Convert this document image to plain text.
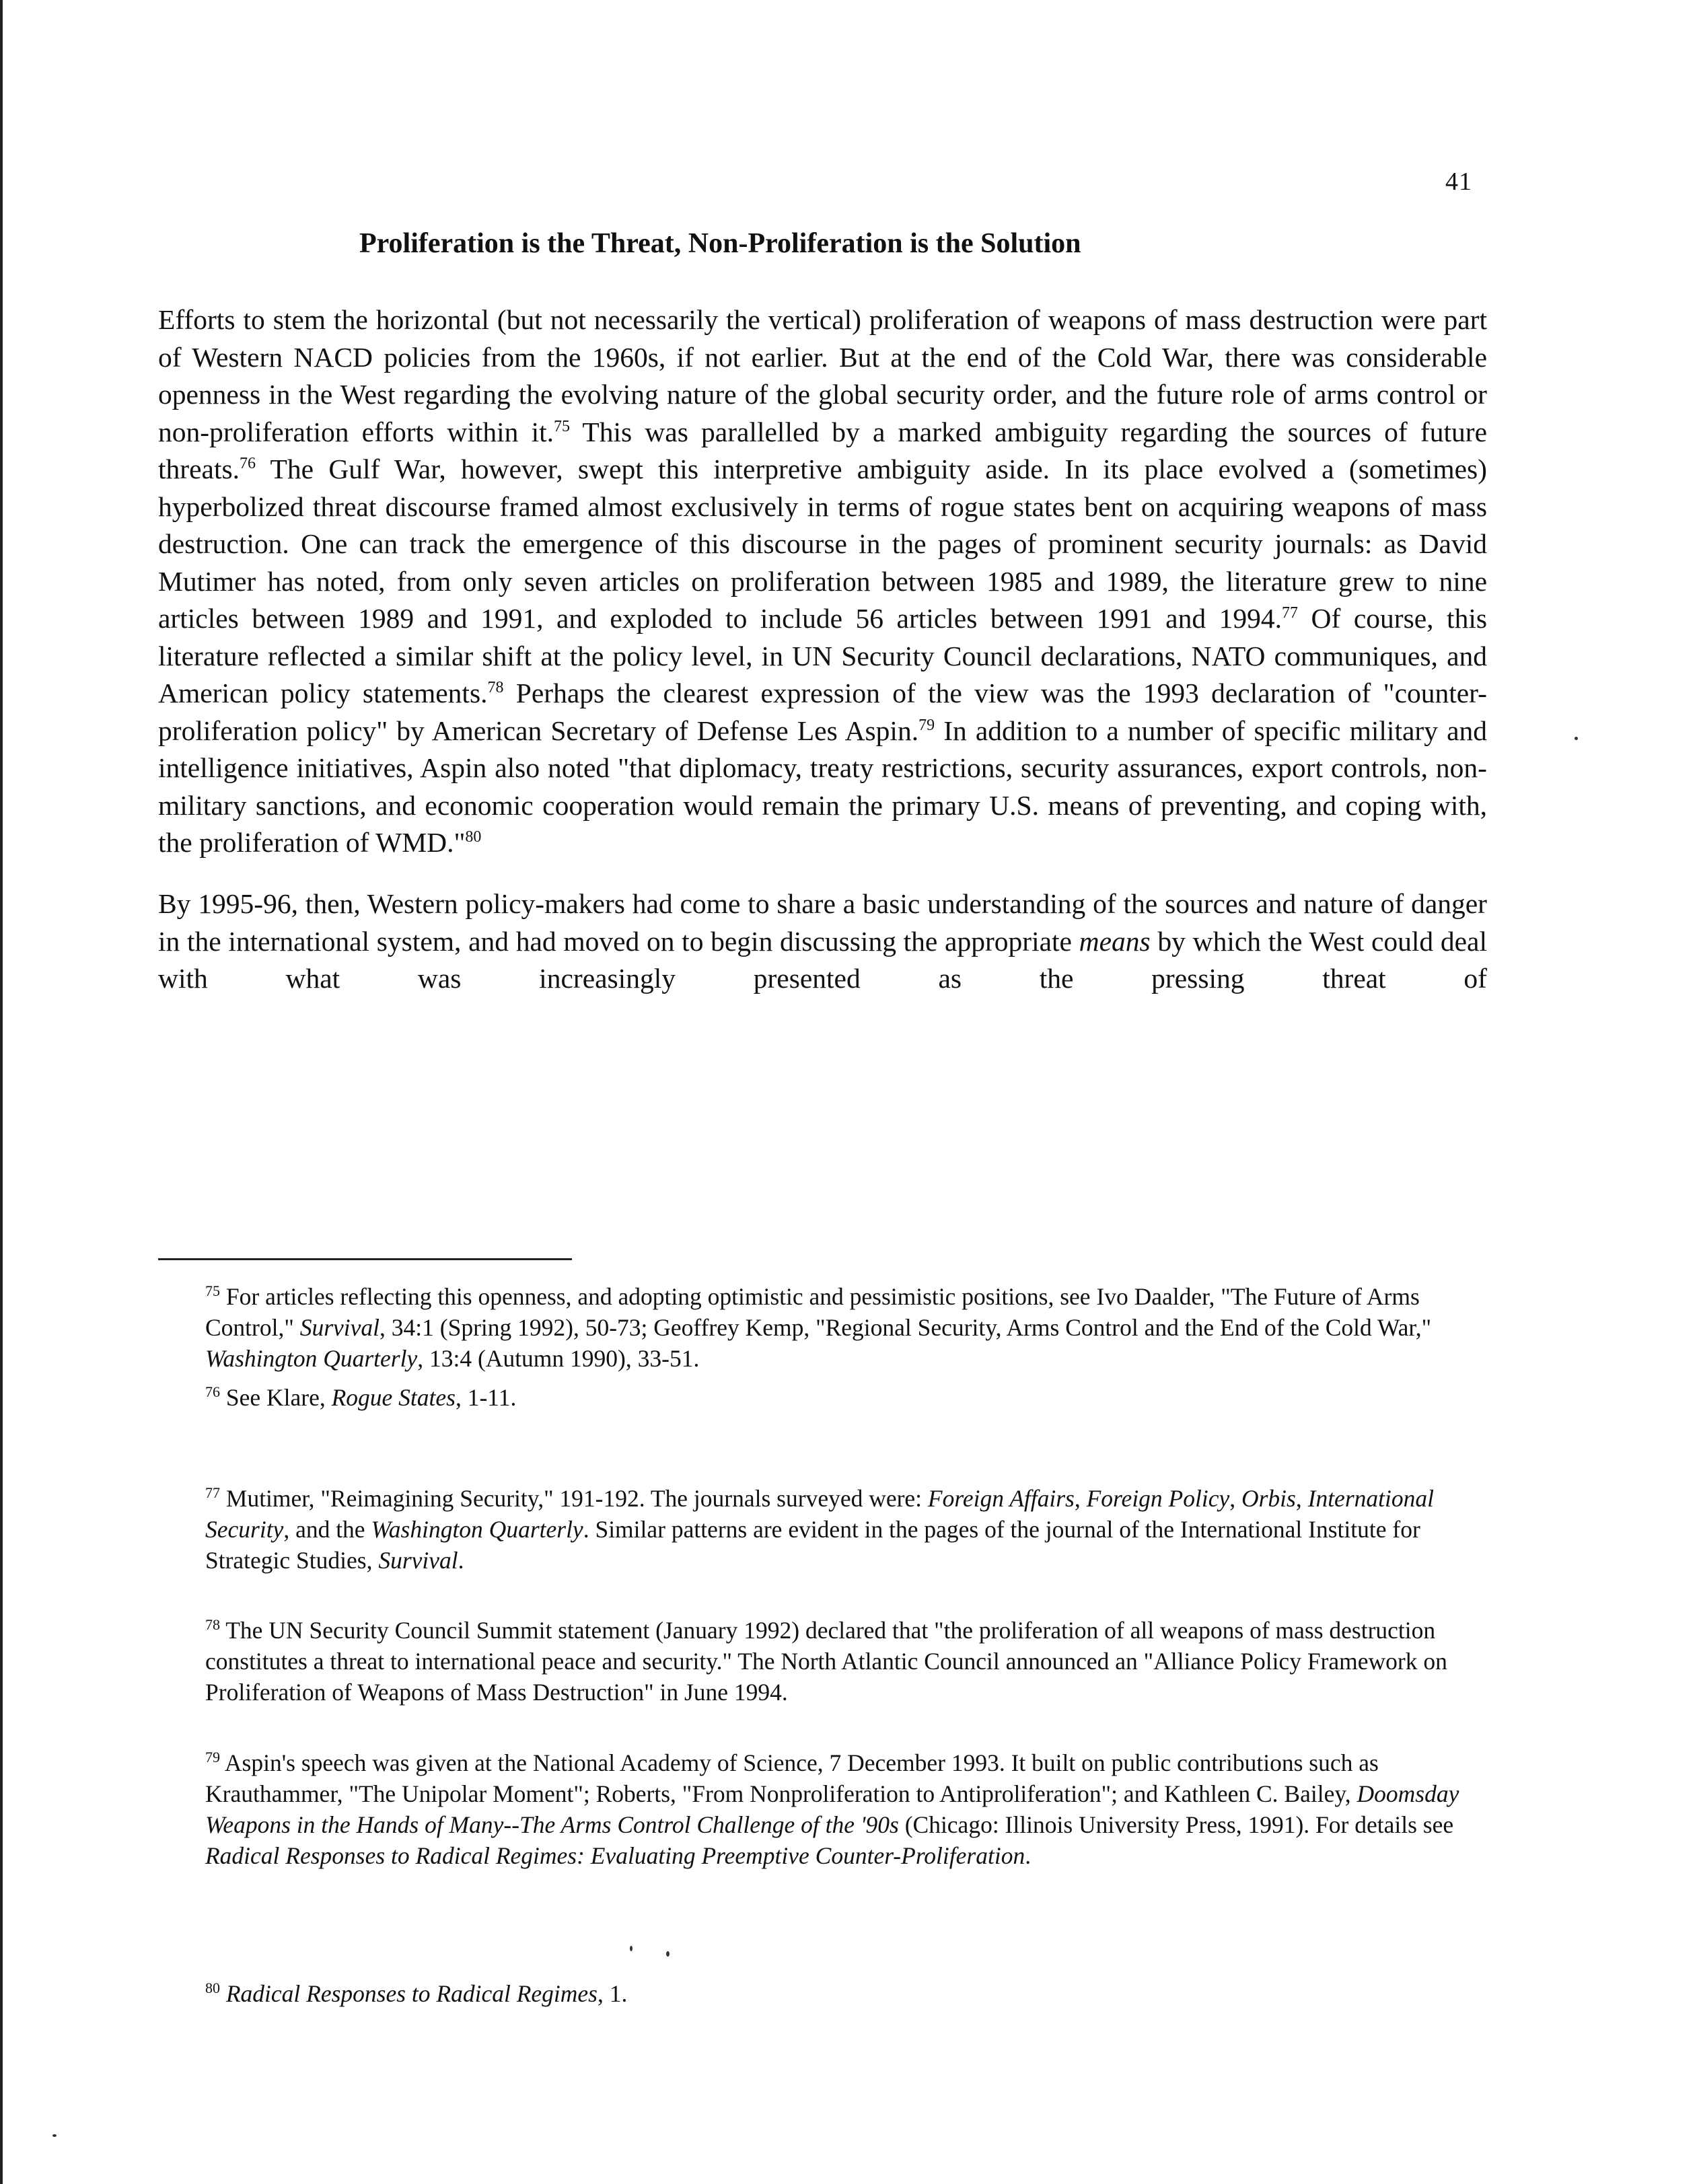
41
Proliferation is the Threat, Non-Proliferation is the Solution
Efforts to stem the horizontal (but not necessarily the vertical) proliferation of weapons of mass destruction were part of Western NACD policies from the 1960s, if not earlier. But at the end of the Cold War, there was considerable openness in the West regarding the evolving nature of the global security order, and the future role of arms control or non-proliferation efforts within it.$^{75}$ This was parallelled by a marked ambiguity regarding the sources of future threats.$^{76}$ The Gulf War, however, swept this interpretive ambiguity aside. In its place evolved a (sometimes) hyperbolized threat discourse framed almost exclusively in terms of rogue states bent on acquiring weapons of mass destruction. One can track the emergence of this discourse in the pages of prominent security journals: as David Mutimer has noted, from only seven articles on proliferation between 1985 and 1989, the literature grew to nine articles between 1989 and 1991, and exploded to include 56 articles between 1991 and 1994.77 Of course, this literature reflected a similar shift at the policy level, in UN Security Council declarations, NATO communiques, and American policy statements.$^{78}$ Perhaps the clearest expression of the view was the 1993 declaration of "counter-proliferation policy" by American Secretary of Defense Les Aspin.$^{79}$ In addition to a number of specific military and intelligence initiatives, Aspin also noted "that diplomacy, treaty restrictions, security assurances, export controls, non-military sanctions, and economic cooperation would remain the primary U.S. means of preventing, and coping with, the proliferation of WMD."$^{80}$
By 1995-96, then, Western policy-makers had come to share a basic understanding of the sources and nature of danger in the international system, and had moved on to begin discussing the appropriate means by which the West could deal with what was increasingly presented as the pressing threat of
$^{75}$ For articles reflecting this openness, and adopting optimistic and pessimistic positions, see Ivo Daalder, "The Future of Arms Control," Survival, 34:1 (Spring 1992), 50-73; Geoffrey Kemp, "Regional Security, Arms Control and the End of the Cold War," Washington Quarterly, 13:4 (Autumn 1990), 33-51.
$^{76}$ See Klare, Rogue States, 1-11.
$^{77}$ Mutimer, "Reimagining Security," 191-192. The journals surveyed were: Foreign Affairs, Foreign Policy, Orbis, International Security, and the Washington Quarterly. Similar patterns are evident in the pages of the journal of the International Institute for Strategic Studies, Survival.
$^{78}$ The UN Security Council Summit statement (January 1992) declared that "the proliferation of all weapons of mass destruction constitutes a threat to international peace and security." The North Atlantic Council announced an "Alliance Policy Framework on Proliferation of Weapons of Mass Destruction" in June 1994.
$^{79}$ Aspin's speech was given at the National Academy of Science, 7 December 1993. It built on public contributions such as Krauthammer, "The Unipolar Moment"; Roberts, "From Nonproliferation to Antiproliferation"; and Kathleen C. Bailey, Doomsday Weapons in the Hands of Many--The Arms Control Challenge of the '90s (Chicago: Illinois University Press, 1991). For details see Radical Responses to Radical Regimes: Evaluating Preemptive Counter-Proliferation.
$^{80}$ Radical Responses to Radical Regimes, 1.
